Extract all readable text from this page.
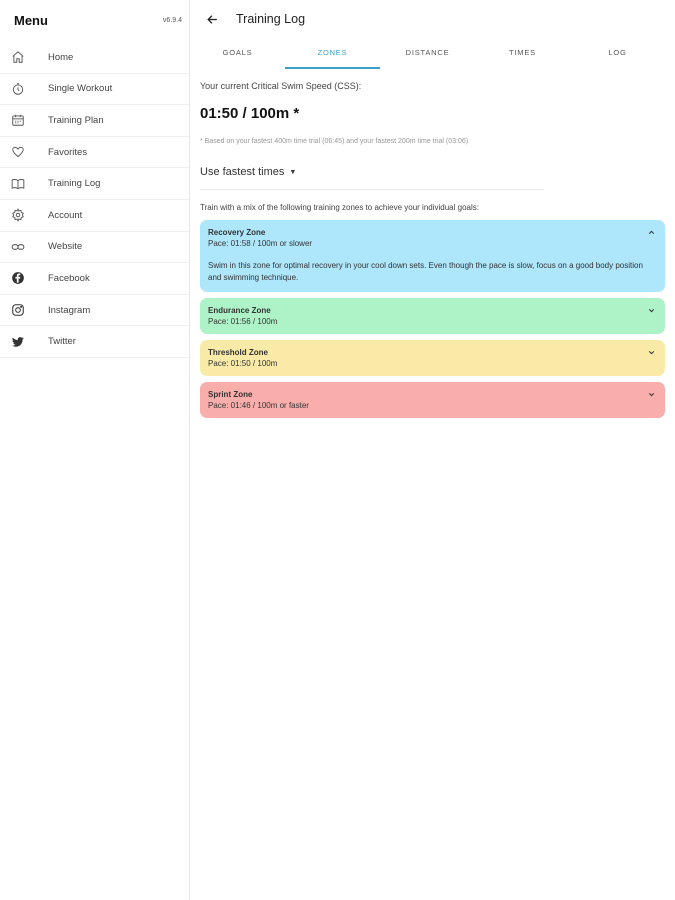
Menu	v6.9.4
Home
Single Workout
Training Plan
Favorites
Training Log
Account
Website
Facebook
Instagram
Twitter
Training Log
GOALS	ZONES	DISTANCE	TIMES	LOG
Your current Critical Swim Speed (CSS):
01:50 / 100m *
* Based on your fastest 400m time trial (06:45) and your fastest 200m time trial (03:06)
Use fastest times ▼
Train with a mix of the following training zones to achieve your individual goals:
Recovery Zone
Pace: 01:58 / 100m or slower
Swim in this zone for optimal recovery in your cool down sets. Even though the pace is slow, focus on a good body position and swimming technique.
Endurance Zone
Pace: 01:56 / 100m
Threshold Zone
Pace: 01:50 / 100m
Sprint Zone
Pace: 01:46 / 100m or faster
